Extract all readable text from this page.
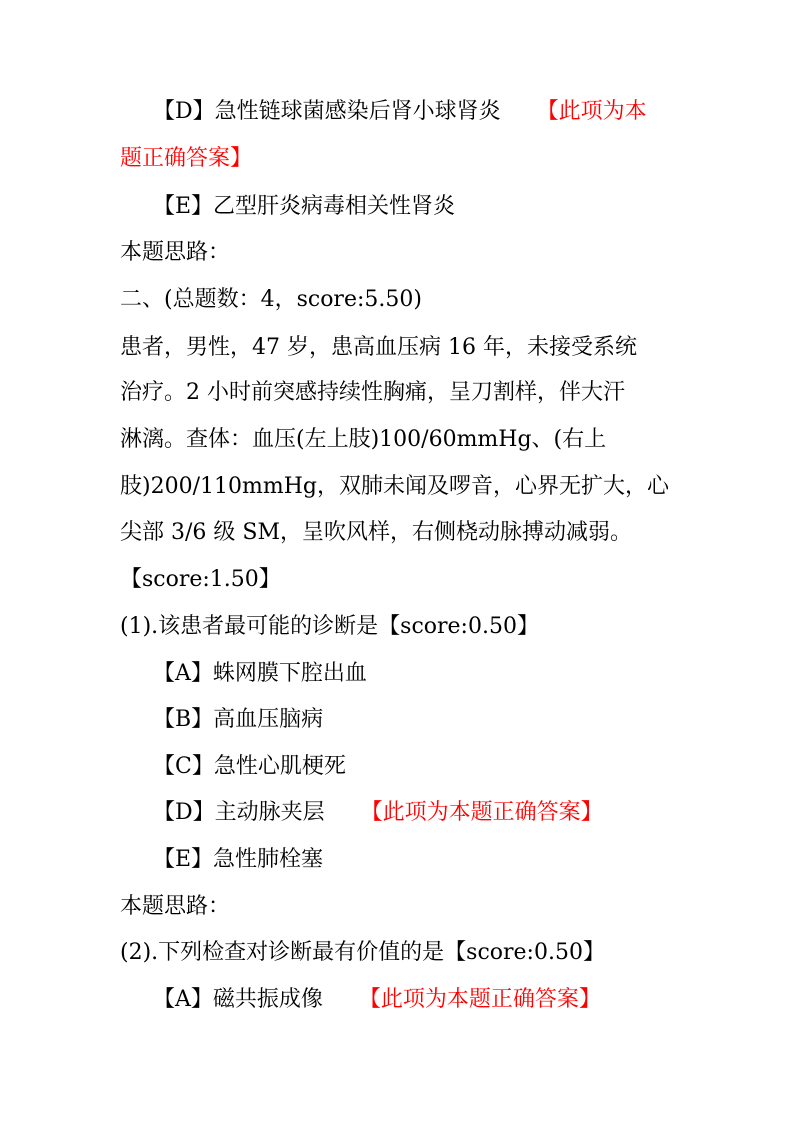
【D】急性链球菌感染后肾小球肾炎 【此项为本
题正确答案】
【E】乙型肝炎病毒相关性肾炎
本题思路：
二、(总题数：4，score:5.50)
患者，男性，47 岁，患高血压病 16 年，未接受系统
治疗。2 小时前突感持续性胸痛，呈刀割样，伴大汗
淋漓。查体：血压(左上肢)100/60mmHg、(右上
肢)200/110mmHg，双肺未闻及啰音，心界无扩大，心
尖部 3/6 级 SM，呈吹风样，右侧桡动脉搏动减弱。
【score:1.50】
(1).该患者最可能的诊断是【score:0.50】
【A】蛛网膜下腔出血
【B】高血压脑病
【C】急性心肌梗死
【D】主动脉夹层 【此项为本题正确答案】
【E】急性肺栓塞
本题思路：
(2).下列检查对诊断最有价值的是【score:0.50】
【A】磁共振成像 【此项为本题正确答案】
